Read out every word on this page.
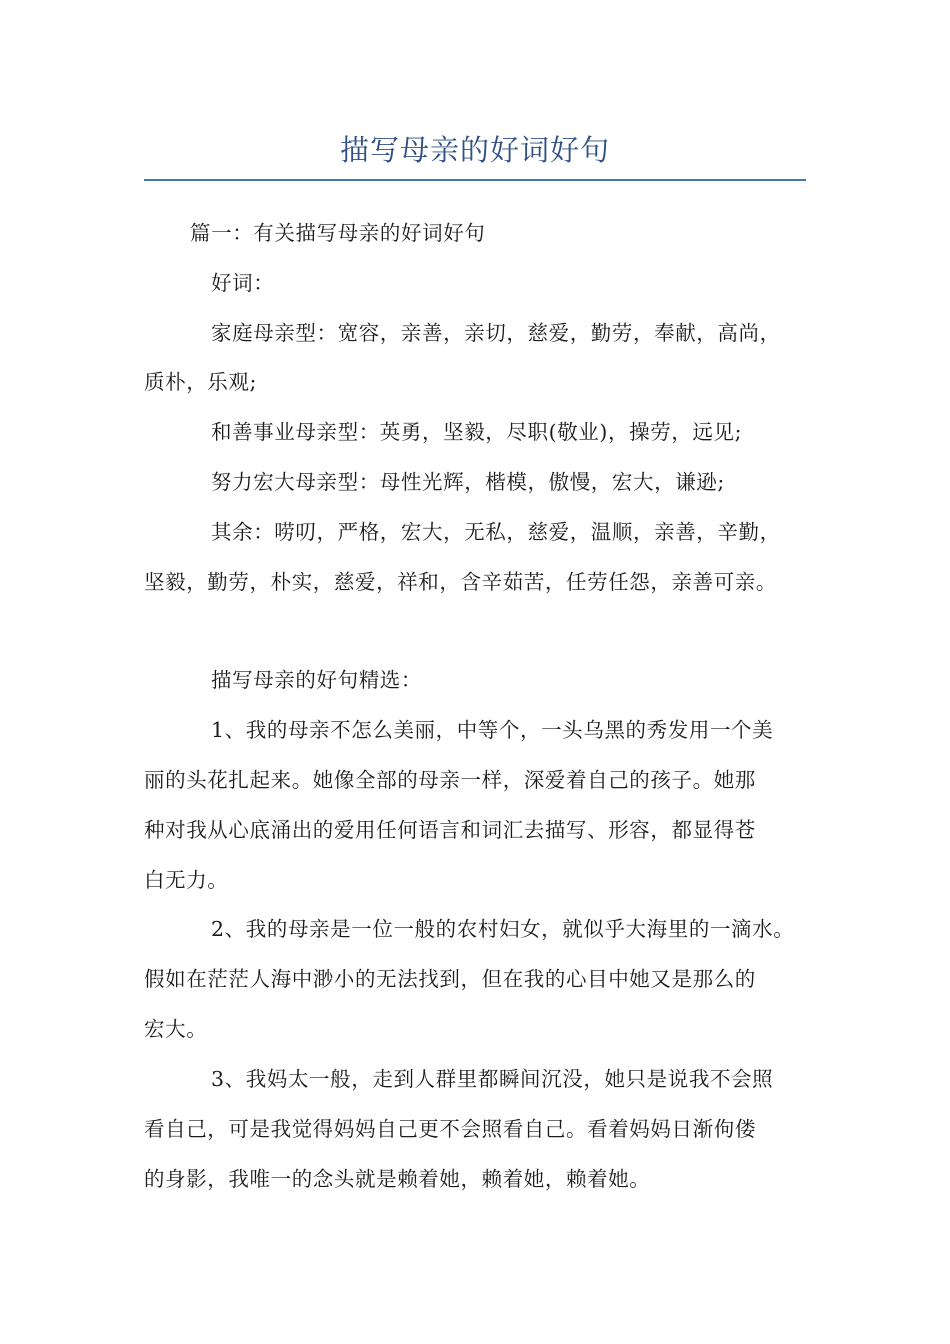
描写母亲的好词好句
篇一：有关描写母亲的好词好句
好词：
家庭母亲型：宽容，亲善，亲切，慈爱，勤劳，奉献，高尚，
质朴，乐观;
和善事业母亲型：英勇，坚毅，尽职(敬业)，操劳，远见;
努力宏大母亲型：母性光辉，楷模，傲慢，宏大，谦逊;
其余：唠叨，严格，宏大，无私，慈爱，温顺，亲善，辛勤，
坚毅，勤劳，朴实，慈爱，祥和，含辛茹苦，任劳任怨，亲善可亲。
描写母亲的好句精选：
1、我的母亲不怎么美丽，中等个，一头乌黑的秀发用一个美
丽的头花扎起来。她像全部的母亲一样，深爱着自己的孩子。她那
种对我从心底涌出的爱用任何语言和词汇去描写、形容，都显得苍
白无力。
2、我的母亲是一位一般的农村妇女，就似乎大海里的一滴水。
假如在茫茫人海中渺小的无法找到，但在我的心目中她又是那么的
宏大。
3、我妈太一般，走到人群里都瞬间沉没，她只是说我不会照
看自己，可是我觉得妈妈自己更不会照看自己。看着妈妈日渐佝偻
的身影，我唯一的念头就是赖着她，赖着她，赖着她。
